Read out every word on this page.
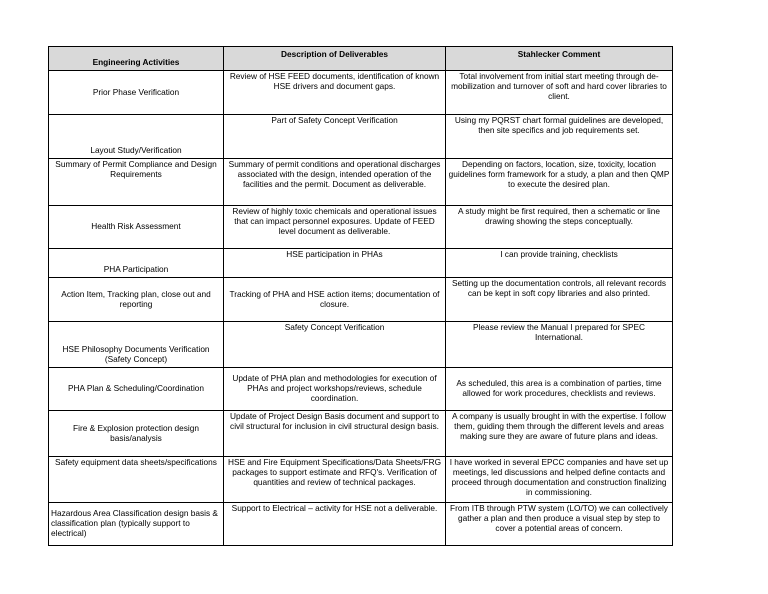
Engineering Activities	Description of Deliverables	Stahlecker Comment
Prior Phase Verification	Review of HSE FEED documents, identification of known HSE drivers and document gaps.	Total involvement from initial start meeting through de-mobilization and turnover of soft and hard cover libraries to client.
Layout Study/Verification	Part of Safety Concept Verification	Using my PQRST chart formal guidelines are developed, then site specifics and job requirements set.
Summary of Permit Compliance and Design Requirements	Summary of permit conditions and operational discharges associated with the design, intended operation of the facilities and the permit. Document as deliverable.	Depending on factors, location, size, toxicity, location guidelines form framework for a study, a plan and then QMP to execute the desired plan.
Health Risk Assessment	Review of highly toxic chemicals and operational issues that can impact personnel exposures. Update of FEED level document as deliverable.	A study might be first required, then a schematic or line drawing showing the steps conceptually.
PHA Participation	HSE participation in PHAs	I can provide training, checklists
Action Item, Tracking plan, close out and reporting	Tracking of PHA and HSE action items; documentation of closure.	Setting up the documentation controls, all relevant records can be kept in soft copy libraries and also printed.
HSE Philosophy Documents Verification (Safety Concept)	Safety Concept Verification	Please review the Manual I prepared for SPEC International.
PHA Plan & Scheduling/Coordination	Update of PHA plan and methodologies for execution of PHAs and project workshops/reviews, schedule coordination.	As scheduled, this area is a combination of parties, time allowed for work procedures, checklists and reviews.
Fire & Explosion protection design basis/analysis	Update of Project Design Basis document and support to civil structural for inclusion in civil structural design basis.	A company is usually brought in with the expertise. I follow them, guiding them through the different levels and areas making sure they are aware of future plans and ideas.
Safety equipment data sheets/specifications	HSE and Fire Equipment Specifications/Data Sheets/FRG packages to support estimate and RFQ's. Verification of quantities and review of technical packages.	I have worked in several EPCC companies and have set up meetings, led discussions and helped define contacts and proceed through documentation and construction finalizing in commissioning.
Hazardous Area Classification design basis & classification plan (typically support to electrical)	Support to Electrical – activity for HSE not a deliverable.	From ITB through PTW system (LO/TO) we can collectively gather a plan and then produce a visual step by step to cover a potential areas of concern.
